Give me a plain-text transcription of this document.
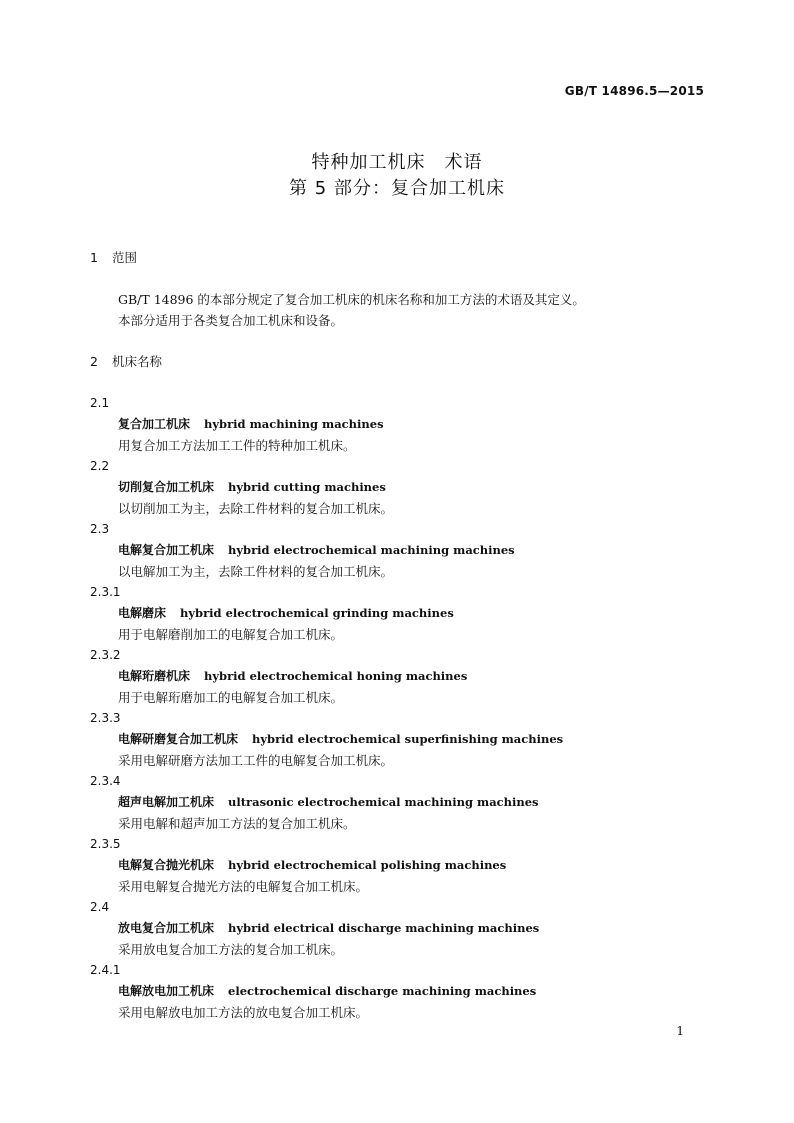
GB/T 14896.5—2015
特种加工机床　术语
第 5 部分：复合加工机床
1 范围
GB/T 14896 的本部分规定了复合加工机床的机床名称和加工方法的术语及其定义。
本部分适用于各类复合加工机床和设备。
2 机床名称
2.1
复合加工机床 hybrid machining machines
用复合加工方法加工工件的特种加工机床。
2.2
切削复合加工机床 hybrid cutting machines
以切削加工为主，去除工件材料的复合加工机床。
2.3
电解复合加工机床 hybrid electrochemical machining machines
以电解加工为主，去除工件材料的复合加工机床。
2.3.1
电解磨床 hybrid electrochemical grinding machines
用于电解磨削加工的电解复合加工机床。
2.3.2
电解珩磨机床 hybrid electrochemical honing machines
用于电解珩磨加工的电解复合加工机床。
2.3.3
电解研磨复合加工机床 hybrid electrochemical superfinishing machines
采用电解研磨方法加工工件的电解复合加工机床。
2.3.4
超声电解加工机床 ultrasonic electrochemical machining machines
采用电解和超声加工方法的复合加工机床。
2.3.5
电解复合抛光机床 hybrid electrochemical polishing machines
采用电解复合抛光方法的电解复合加工机床。
2.4
放电复合加工机床 hybrid electrical discharge machining machines
采用放电复合加工方法的复合加工机床。
2.4.1
电解放电加工机床 electrochemical discharge machining machines
采用电解放电加工方法的放电复合加工机床。
1
